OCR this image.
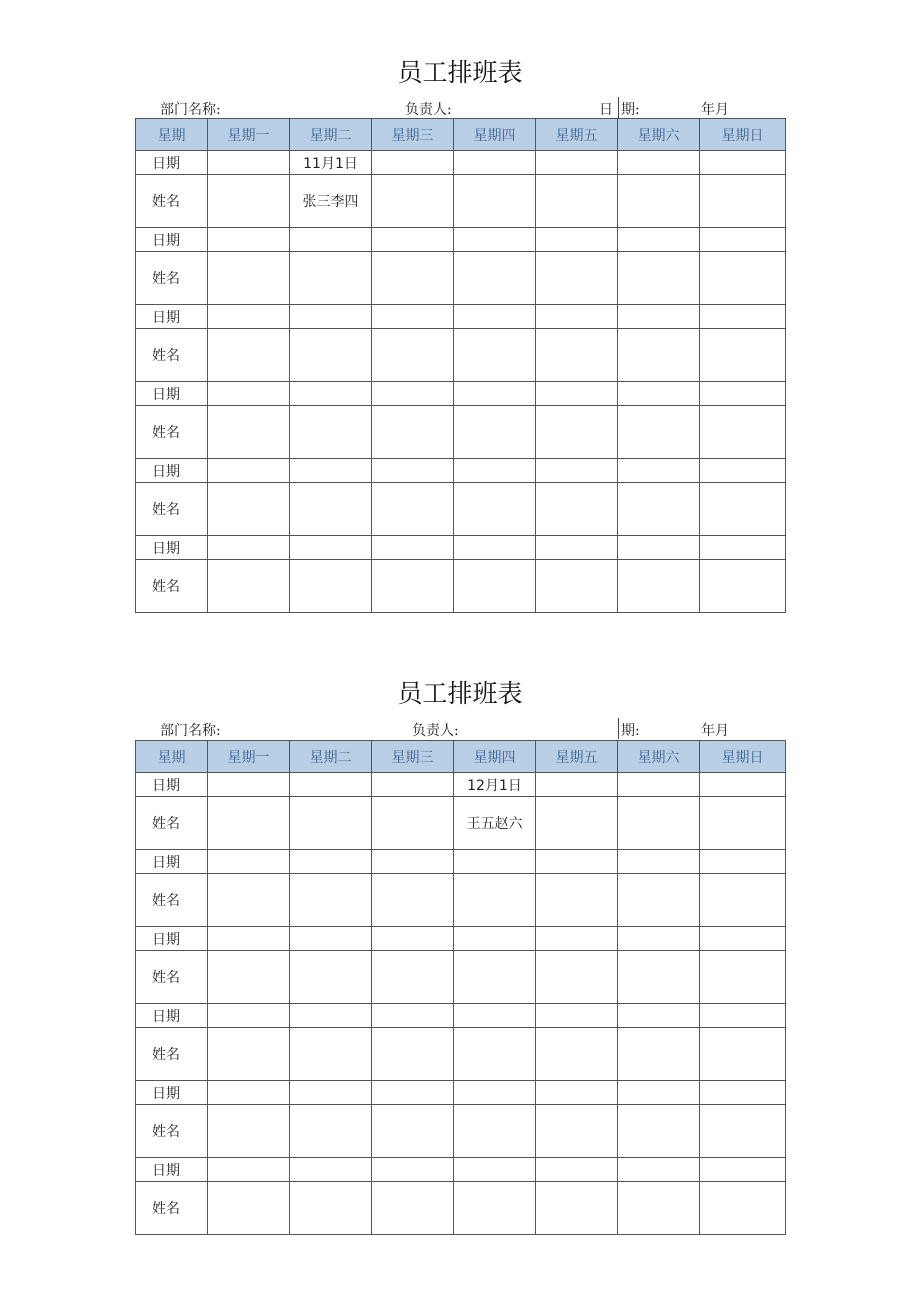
员工排班表
部门名称:	负责人:	日 期:	年月
星期	星期一	星期二	星期三	星期四	星期五	星期六	星期日
日期		11月1日					
姓名		张三李四					
日期							
姓名							
日期							
姓名							
日期							
姓名							
日期							
姓名							
日期							
姓名							
员工排班表
部门名称:	负责人:	期:	年月
星期	星期一	星期二	星期三	星期四	星期五	星期六	星期日
日期				12月1日			
姓名				王五赵六			
日期							
姓名							
日期							
姓名							
日期							
姓名							
日期							
姓名							
日期							
姓名							
